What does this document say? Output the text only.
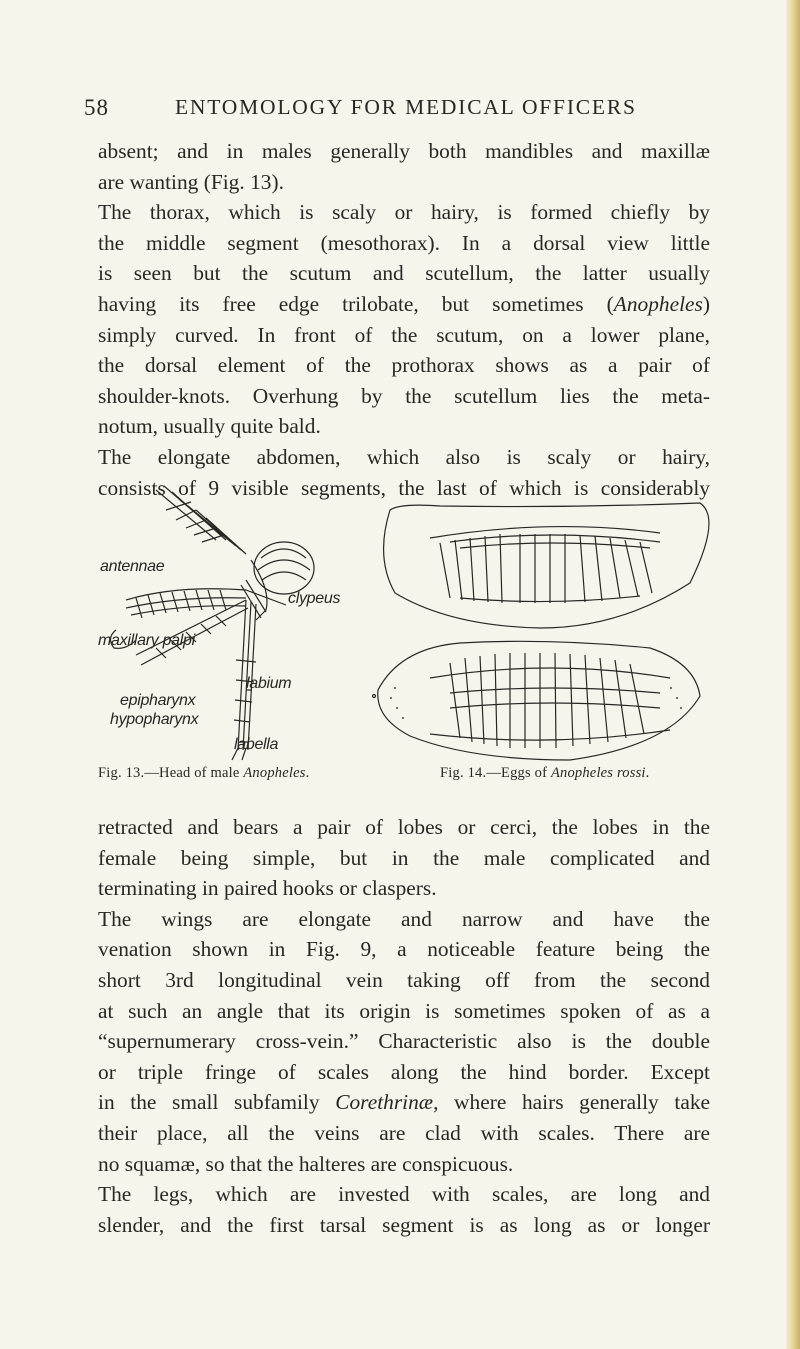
58	ENTOMOLOGY FOR MEDICAL OFFICERS
absent; and in males generally both mandibles and maxillæ
are wanting (Fig. 13).
The thorax, which is scaly or hairy, is formed chiefly by
the middle segment (mesothorax). In a dorsal view little
is seen but the scutum and scutellum, the latter usually
having its free edge trilobate, but sometimes (Anopheles)
simply curved. In front of the scutum, on a lower plane,
the dorsal element of the prothorax shows as a pair of
shoulder-knots. Overhung by the scutellum lies the meta-
notum, usually quite bald.
The elongate abdomen, which also is scaly or hairy,
consists of 9 visible segments, the last of which is considerably
antennae
clypeus
maxillary palpi
labium
epipharynx
hypopharynx
labella
Fig. 13.—Head of male Anopheles.	Fig. 14.—Eggs of Anopheles rossi.
retracted and bears a pair of lobes or cerci, the lobes in the
female being simple, but in the male complicated and
terminating in paired hooks or claspers.
The wings are elongate and narrow and have the
venation shown in Fig. 9, a noticeable feature being the
short 3rd longitudinal vein taking off from the second
at such an angle that its origin is sometimes spoken of as a
“supernumerary cross-vein.” Characteristic also is the double
or triple fringe of scales along the hind border. Except
in the small subfamily Corethrinæ, where hairs generally take
their place, all the veins are clad with scales. There are
no squamæ, so that the halteres are conspicuous.
The legs, which are invested with scales, are long and
slender, and the first tarsal segment is as long as or longer
